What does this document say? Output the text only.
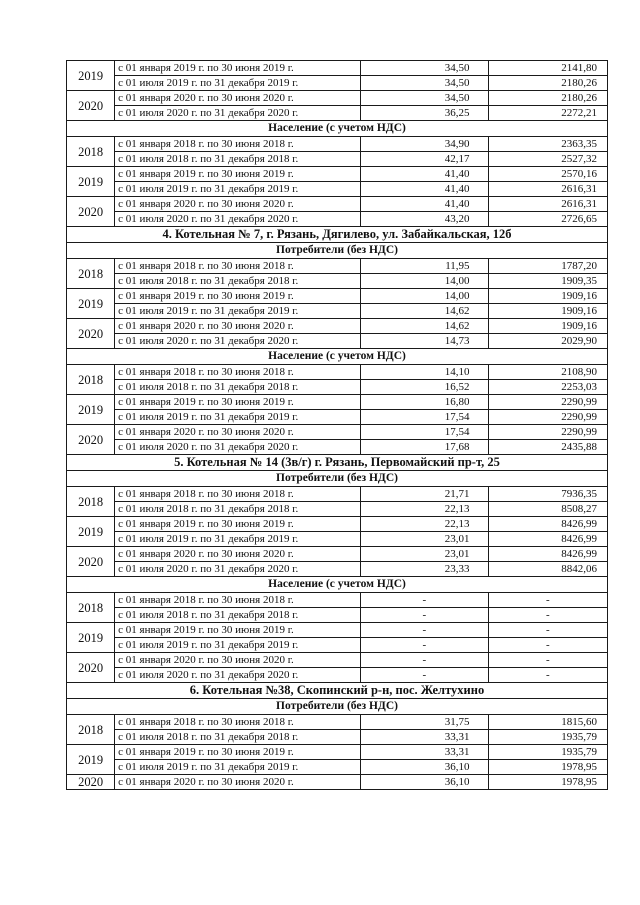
2019	с 01 января 2019 г. по 30 июня 2019 г.	34,50	2141,80
	с 01 июля 2019 г. по 31 декабря 2019 г.	34,50	2180,26
2020	с 01 января 2020 г. по 30 июня 2020 г.	34,50	2180,26
	с 01 июля 2020 г. по 31 декабря 2020 г.	36,25	2272,21
Население (с учетом НДС)			
2018	с 01 января 2018 г. по 30 июня 2018 г.	34,90	2363,35
	с 01 июля 2018 г. по 31 декабря 2018 г.	42,17	2527,32
2019	с 01 января 2019 г. по 30 июня 2019 г.	41,40	2570,16
	с 01 июля 2019 г. по 31 декабря 2019 г.	41,40	2616,31
2020	с 01 января 2020 г. по 30 июня 2020 г.	41,40	2616,31
	с 01 июля 2020 г. по 31 декабря 2020 г.	43,20	2726,65
4. Котельная № 7, г. Рязань, Дягилево, ул. Забайкальская, 12б			
Потребители (без НДС)			
2018	с 01 января 2018 г. по 30 июня 2018 г.	11,95	1787,20
	с 01 июля 2018 г. по 31 декабря 2018 г.	14,00	1909,35
2019	с 01 января 2019 г. по 30 июня 2019 г.	14,00	1909,16
	с 01 июля 2019 г. по 31 декабря 2019 г.	14,62	1909,16
2020	с 01 января 2020 г. по 30 июня 2020 г.	14,62	1909,16
	с 01 июля 2020 г. по 31 декабря 2020 г.	14,73	2029,90
Население (с учетом НДС)			
2018	с 01 января 2018 г. по 30 июня 2018 г.	14,10	2108,90
	с 01 июля 2018 г. по 31 декабря 2018 г.	16,52	2253,03
2019	с 01 января 2019 г. по 30 июня 2019 г.	16,80	2290,99
	с 01 июля 2019 г. по 31 декабря 2019 г.	17,54	2290,99
2020	с 01 января 2020 г. по 30 июня 2020 г.	17,54	2290,99
	с 01 июля 2020 г. по 31 декабря 2020 г.	17,68	2435,88
5. Котельная № 14 (3в/г) г. Рязань, Первомайский пр-т, 25			
Потребители (без НДС)			
2018	с 01 января 2018 г. по 30 июня 2018 г.	21,71	7936,35
	с 01 июля 2018 г. по 31 декабря 2018 г.	22,13	8508,27
2019	с 01 января 2019 г. по 30 июня 2019 г.	22,13	8426,99
	с 01 июля 2019 г. по 31 декабря 2019 г.	23,01	8426,99
2020	с 01 января 2020 г. по 30 июня 2020 г.	23,01	8426,99
	с 01 июля 2020 г. по 31 декабря 2020 г.	23,33	8842,06
Население (с учетом НДС)			
2018	с 01 января 2018 г. по 30 июня 2018 г.	-	-
	с 01 июля 2018 г. по 31 декабря 2018 г.	-	-
2019	с 01 января 2019 г. по 30 июня 2019 г.	-	-
	с 01 июля 2019 г. по 31 декабря 2019 г.	-	-
2020	с 01 января 2020 г. по 30 июня 2020 г.	-	-
	с 01 июля 2020 г. по 31 декабря 2020 г.	-	-
6. Котельная №38, Скопинский р-н, пос. Желтухино			
Потребители (без НДС)			
2018	с 01 января 2018 г. по 30 июня 2018 г.	31,75	1815,60
	с 01 июля 2018 г. по 31 декабря 2018 г.	33,31	1935,79
2019	с 01 января 2019 г. по 30 июня 2019 г.	33,31	1935,79
	с 01 июля 2019 г. по 31 декабря 2019 г.	36,10	1978,95
2020	с 01 января 2020 г. по 30 июня 2020 г.	36,10	1978,95
